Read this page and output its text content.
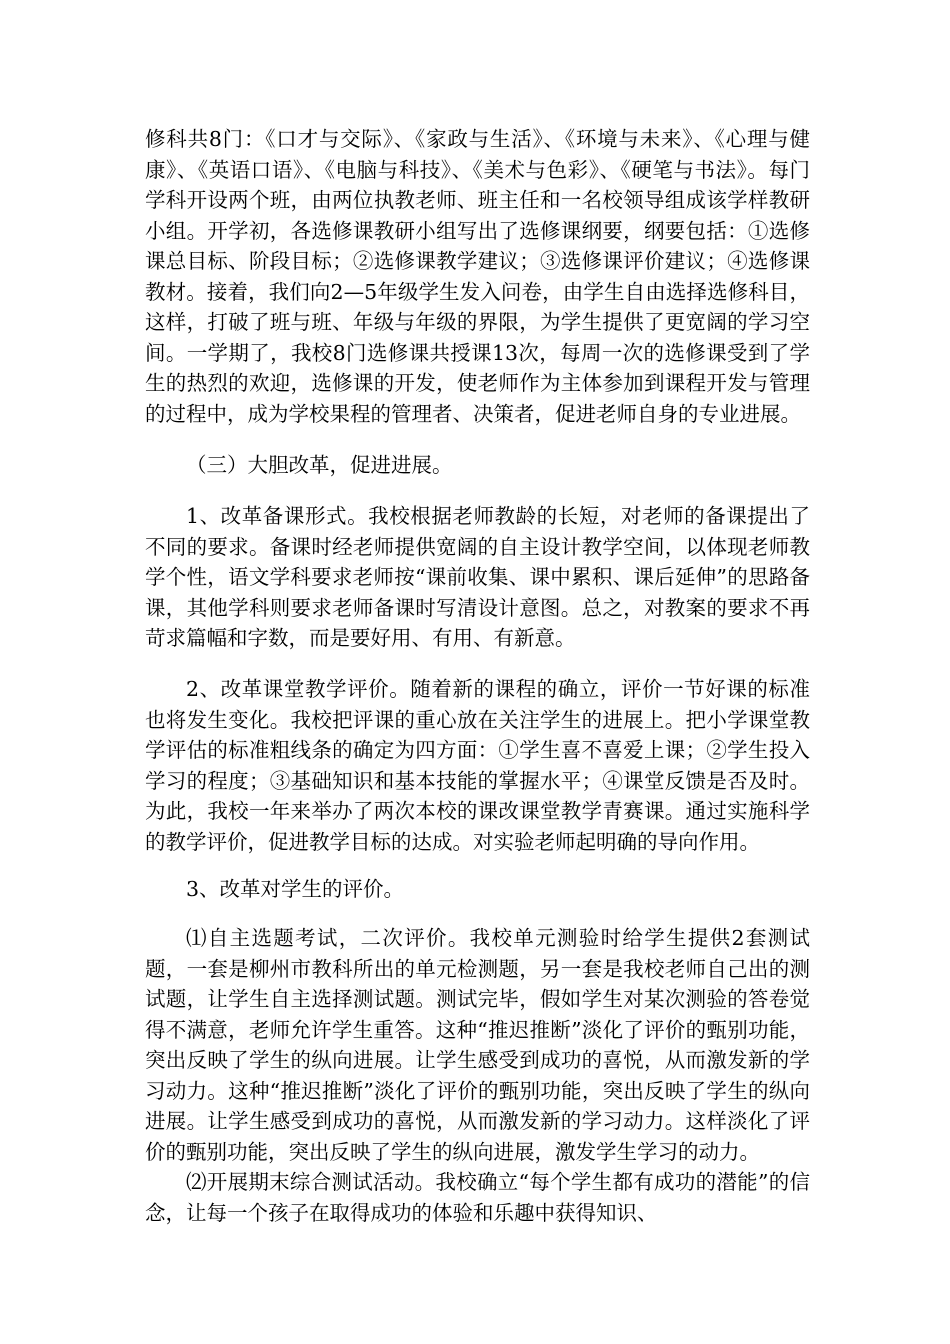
修科共8门：《口才与交际》、《家政与生活》、《环境与未来》、《心理与健康》、《英语口语》、《电脑与科技》、《美术与色彩》、《硬笔与书法》。每门学科开设两个班，由两位执教老师、班主任和一名校领导组成该学样教研小组。开学初，各选修课教研小组写出了选修课纲要，纲要包括：①选修课总目标、阶段目标；②选修课教学建议；③选修课评价建议；④选修课教材。接着，我们向2—5年级学生发入问卷，由学生自由选择选修科目，这样，打破了班与班、年级与年级的界限，为学生提供了更宽阔的学习空间。一学期了，我校8门选修课共授课13次，每周一次的选修课受到了学生的热烈的欢迎，选修课的开发，使老师作为主体参加到课程开发与管理的过程中，成为学校果程的管理者、决策者，促进老师自身的专业进展。
（三）大胆改革，促进进展。
1、改革备课形式。我校根据老师教龄的长短，对老师的备课提出了不同的要求。备课时经老师提供宽阔的自主设计教学空间，以体现老师教学个性，语文学科要求老师按“课前收集、课中累积、课后延伸”的思路备课，其他学科则要求老师备课时写清设计意图。总之，对教案的要求不再苛求篇幅和字数，而是要好用、有用、有新意。
2、改革课堂教学评价。随着新的课程的确立，评价一节好课的标准也将发生变化。我校把评课的重心放在关注学生的进展上。把小学课堂教学评估的标准粗线条的确定为四方面：①学生喜不喜爱上课；②学生投入学习的程度；③基础知识和基本技能的掌握水平；④课堂反馈是否及时。为此，我校一年来举办了两次本校的课改课堂教学青赛课。通过实施科学的教学评价，促进教学目标的达成。对实验老师起明确的导向作用。
3、改革对学生的评价。
⑴自主选题考试，二次评价。我校单元测验时给学生提供2套测试题，一套是柳州市教科所出的单元检测题，另一套是我校老师自己出的测试题，让学生自主选择测试题。测试完毕，假如学生对某次测验的答卷觉得不满意，老师允许学生重答。这种“推迟推断”淡化了评价的甄别功能，突出反映了学生的纵向进展。让学生感受到成功的喜悦，从而激发新的学习动力。这种“推迟推断”淡化了评价的甄别功能，突出反映了学生的纵向进展。让学生感受到成功的喜悦，从而激发新的学习动力。这样淡化了评价的甄别功能，突出反映了学生的纵向进展，激发学生学习的动力。
⑵开展期末综合测试活动。我校确立“每个学生都有成功的潜能”的信念，让每一个孩子在取得成功的体验和乐趣中获得知识、
